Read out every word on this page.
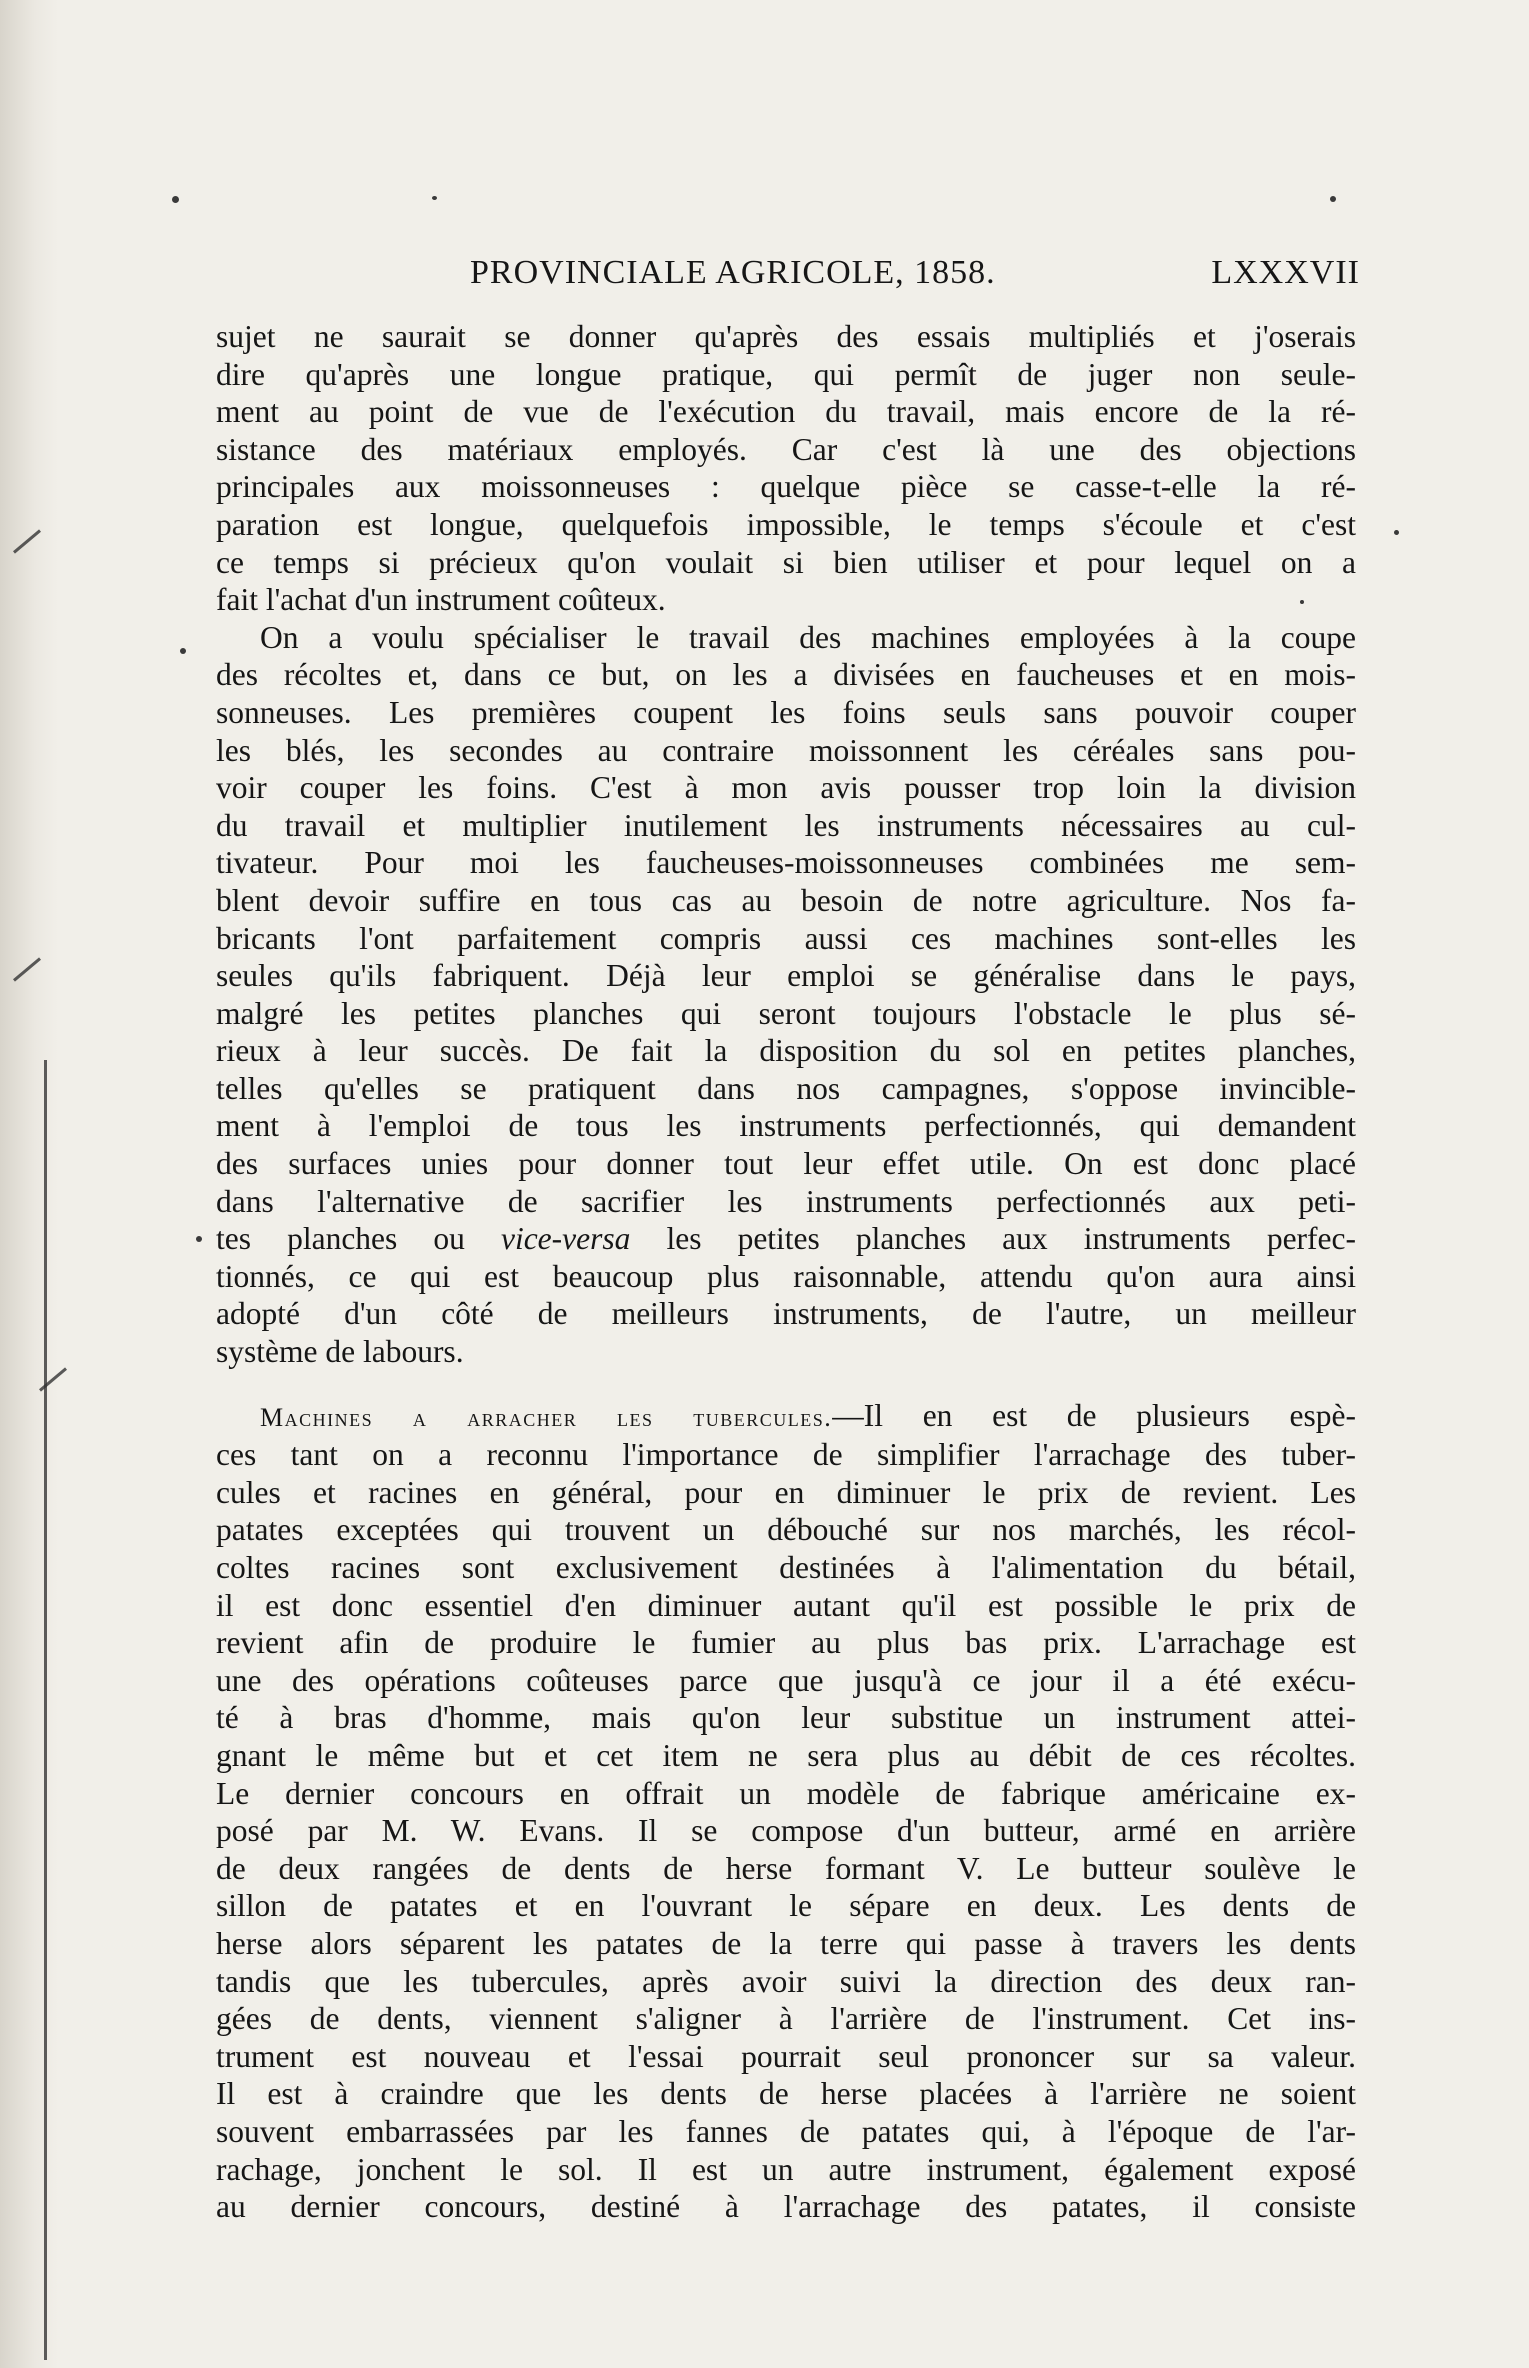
PROVINCIALE AGRICOLE, 1858.	LXXXVII
sujet ne saurait se donner qu'après des essais multipliés et j'oserais
dire qu'après une longue pratique, qui permît de juger non seule-
ment au point de vue de l'exécution du travail, mais encore de la ré-
sistance des matériaux employés. Car c'est là une des objections
principales aux moissonneuses : quelque pièce se casse-t-elle la ré-
paration est longue, quelquefois impossible, le temps s'écoule et c'est
ce temps si précieux qu'on voulait si bien utiliser et pour lequel on a
fait l'achat d'un instrument coûteux.
On a voulu spécialiser le travail des machines employées à la coupe
des récoltes et, dans ce but, on les a divisées en faucheuses et en mois-
sonneuses. Les premières coupent les foins seuls sans pouvoir couper
les blés, les secondes au contraire moissonnent les céréales sans pou-
voir couper les foins. C'est à mon avis pousser trop loin la division
du travail et multiplier inutilement les instruments nécessaires au cul-
tivateur. Pour moi les faucheuses-moissonneuses combinées me sem-
blent devoir suffire en tous cas au besoin de notre agriculture. Nos fa-
bricants l'ont parfaitement compris aussi ces machines sont-elles les
seules qu'ils fabriquent. Déjà leur emploi se généralise dans le pays,
malgré les petites planches qui seront toujours l'obstacle le plus sé-
rieux à leur succès. De fait la disposition du sol en petites planches,
telles qu'elles se pratiquent dans nos campagnes, s'oppose invincible-
ment à l'emploi de tous les instruments perfectionnés, qui demandent
des surfaces unies pour donner tout leur effet utile. On est donc placé
dans l'alternative de sacrifier les instruments perfectionnés aux peti-
tes planches ou vice-versa les petites planches aux instruments perfec-
tionnés, ce qui est beaucoup plus raisonnable, attendu qu'on aura ainsi
adopté d'un côté de meilleurs instruments, de l'autre, un meilleur
système de labours.
Machines a arracher les tubercules.—Il en est de plusieurs espè-
ces tant on a reconnu l'importance de simplifier l'arrachage des tuber-
cules et racines en général, pour en diminuer le prix de revient. Les
patates exceptées qui trouvent un débouché sur nos marchés, les récol-
coltes racines sont exclusivement destinées à l'alimentation du bétail,
il est donc essentiel d'en diminuer autant qu'il est possible le prix de
revient afin de produire le fumier au plus bas prix. L'arrachage est
une des opérations coûteuses parce que jusqu'à ce jour il a été exécu-
té à bras d'homme, mais qu'on leur substitue un instrument attei-
gnant le même but et cet item ne sera plus au débit de ces récoltes.
Le dernier concours en offrait un modèle de fabrique américaine ex-
posé par M. W. Evans. Il se compose d'un butteur, armé en arrière
de deux rangées de dents de herse formant V. Le butteur soulève le
sillon de patates et en l'ouvrant le sépare en deux. Les dents de
herse alors séparent les patates de la terre qui passe à travers les dents
tandis que les tubercules, après avoir suivi la direction des deux ran-
gées de dents, viennent s'aligner à l'arrière de l'instrument. Cet ins-
trument est nouveau et l'essai pourrait seul prononcer sur sa valeur.
Il est à craindre que les dents de herse placées à l'arrière ne soient
souvent embarrassées par les fannes de patates qui, à l'époque de l'ar-
rachage, jonchent le sol. Il est un autre instrument, également exposé
au dernier concours, destiné à l'arrachage des patates, il consiste
